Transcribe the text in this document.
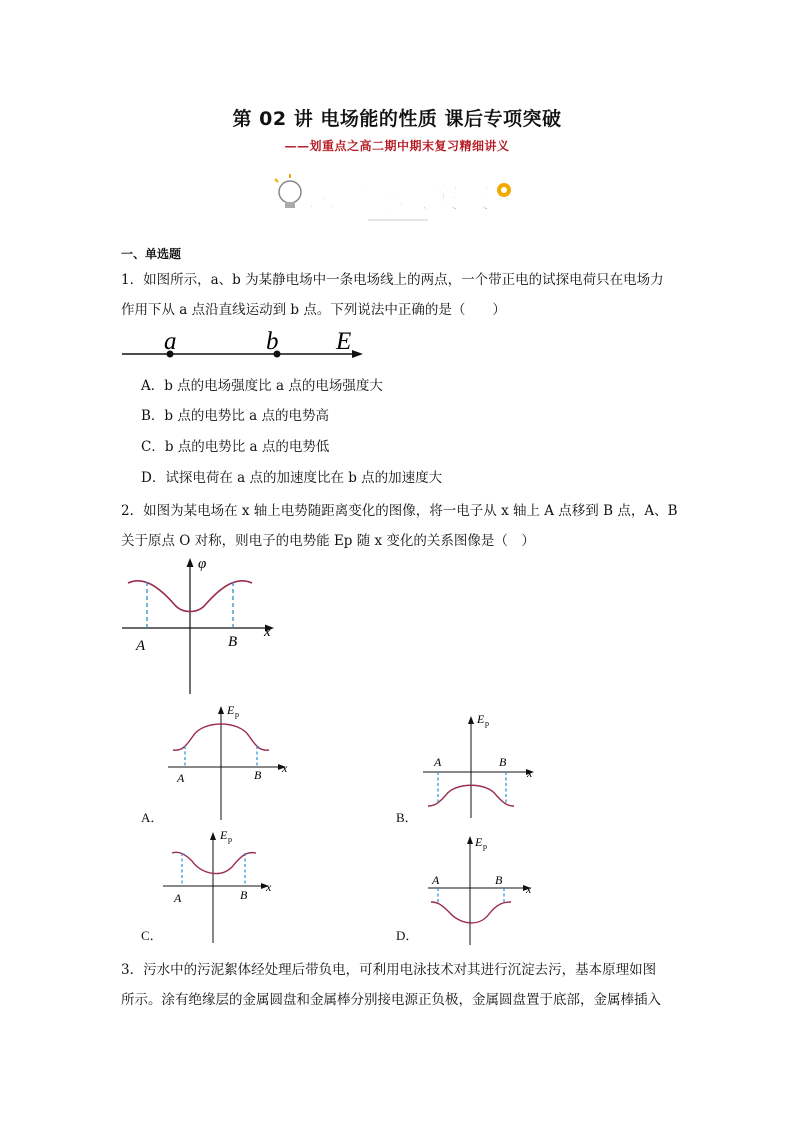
第 02 讲 电场能的性质 课后专项突破
——划重点之高二期中期末复习精细讲义
课后专项突破
一、单选题
1．如图所示，a、b 为某静电场中一条电场线上的两点，一个带正电的试探电荷只在电场力
作用下从 a 点沿直线运动到 b 点。下列说法中正确的是（　　）
a	b E
A．b 点的电场强度比 a 点的电场强度大
B．b 点的电势比 a 点的电势高
C．b 点的电势比 a 点的电势低
D．试探电荷在 a 点的加速度比在 b 点的加速度大
2．如图为某电场在 x 轴上电势随距离变化的图像，将一电子从 x 轴上 A 点移到 B 点，A、B
关于原点 O 对称，则电子的电势能 Ep 随 x 变化的关系图像是（　）
φ
x
A	B
E p
x
A	B
A．
E p
x
A	B
B．
E p
x
A	B
C．
E p
x
A	B
D．
3．污水中的污泥絮体经处理后带负电，可利用电泳技术对其进行沉淀去污，基本原理如图
所示。涂有绝缘层的金属圆盘和金属棒分别接电源正负极，金属圆盘置于底部，金属棒插入
